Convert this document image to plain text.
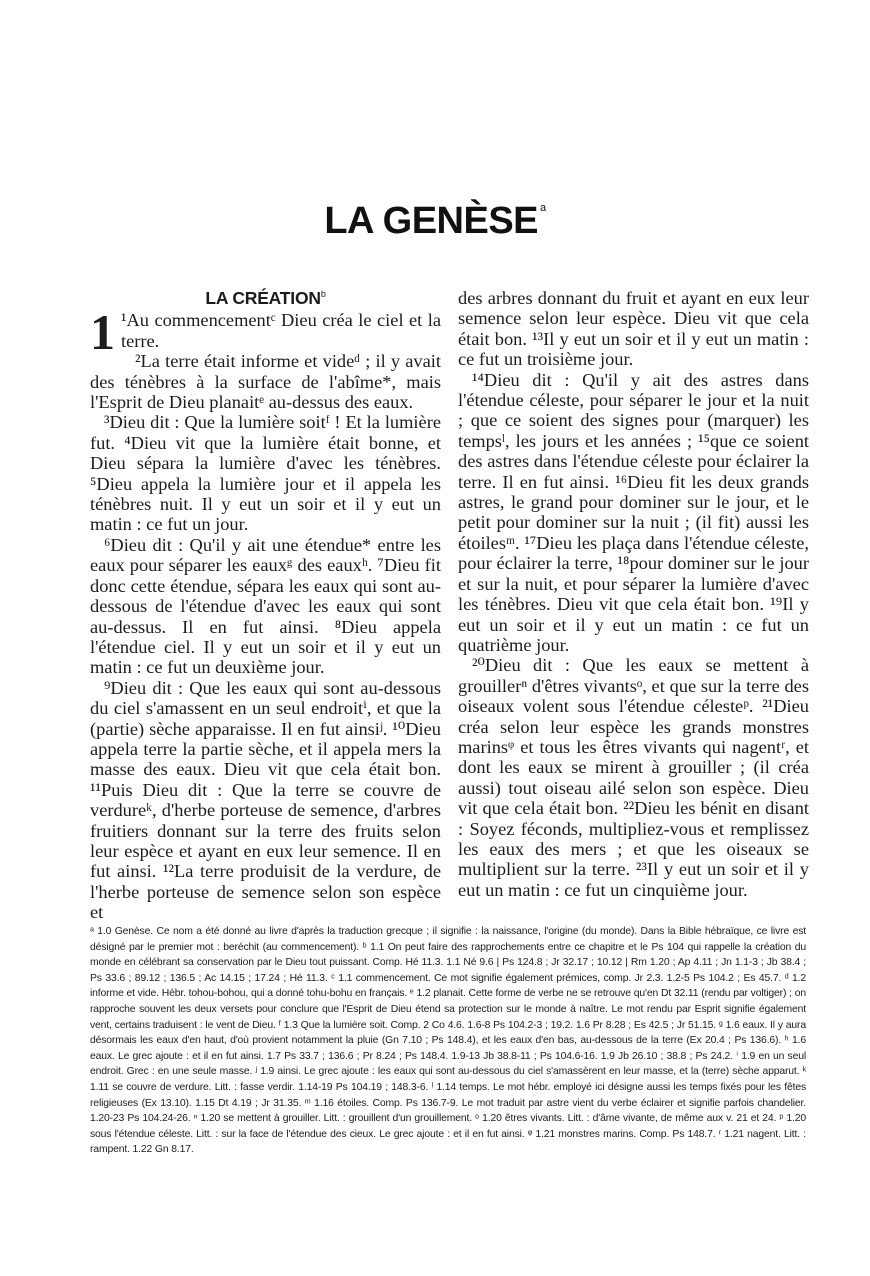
LA GENÈSE $^a$
LA CRÉATION$^b$

1 ¹Au commencementᶜ Dieu créa le ciel et la terre.

²La terre était informe et videᵈ ; il y avait des ténèbres à la surface de l'abîme*, mais l'Esprit de Dieu planaitᵉ au-dessus des eaux.

³Dieu dit : Que la lumière soitᶠ ! Et la lumière fut. ⁴Dieu vit que la lumière était bonne, et Dieu sépara la lumière d'avec les ténèbres. ⁵Dieu appela la lumière jour et il appela les ténèbres nuit. Il y eut un soir et il y eut un matin : ce fut un jour.

⁶Dieu dit : Qu'il y ait une étendue* entre les eaux pour séparer les eauxᵍ des eauxʰ. ⁷Dieu fit donc cette étendue, sépara les eaux qui sont au-dessous de l'étendue d'avec les eaux qui sont au-dessus. Il en fut ainsi. ⁸Dieu appela l'étendue ciel. Il y eut un soir et il y eut un matin : ce fut un deuxième jour.

⁹Dieu dit : Que les eaux qui sont au-dessous du ciel s'amassent en un seul endroitⁱ, et que la (partie) sèche apparaisse. Il en fut ainsiʲ. ¹⁰Dieu appela terre la partie sèche, et il appela mers la masse des eaux. Dieu vit que cela était bon. ¹¹Puis Dieu dit : Que la terre se couvre de verdureᵏ, d'herbe porteuse de semence, d'arbres fruitiers donnant sur la terre des fruits selon leur espèce et ayant en eux leur semence. Il en fut ainsi. ¹²La terre produisit de la verdure, de l'herbe porteuse de semence selon son espèce et

des arbres donnant du fruit et ayant en eux leur semence selon leur espèce. Dieu vit que cela était bon. ¹³Il y eut un soir et il y eut un matin : ce fut un troisième jour.

¹⁴Dieu dit : Qu'il y ait des astres dans l'étendue céleste, pour séparer le jour et la nuit ; que ce soient des signes pour (marquer) les tempsˡ, les jours et les années ; ¹⁵que ce soient des astres dans l'étendue céleste pour éclairer la terre. Il en fut ainsi. ¹⁶Dieu fit les deux grands astres, le grand pour dominer sur le jour, et le petit pour dominer sur la nuit ; (il fit) aussi les étoilesᵐ. ¹⁷Dieu les plaça dans l'étendue céleste, pour éclairer la terre, ¹⁸pour dominer sur le jour et sur la nuit, et pour séparer la lumière d'avec les ténèbres. Dieu vit que cela était bon. ¹⁹Il y eut un soir et il y eut un matin : ce fut un quatrième jour.

²⁰Dieu dit : Que les eaux se mettent à grouillerⁿ d'êtres vivantsᵒ, et que sur la terre des oiseaux volent sous l'étendue célesteᵖ. ²¹Dieu créa selon leur espèce les grands monstres marinsᵠ et tous les êtres vivants qui nagentʳ, et dont les eaux se mirent à grouiller ; (il créa aussi) tout oiseau ailé selon son espèce. Dieu vit que cela était bon. ²²Dieu les bénit en disant : Soyez féconds, multipliez-vous et remplissez les eaux des mers ; et que les oiseaux se multiplient sur la terre. ²³Il y eut un soir et il y eut un matin : ce fut un cinquième jour.

ᵃ 1.0 Genèse. Ce nom a été donné au livre d'après la traduction grecque ; il signifie : la naissance, l'origine (du monde). Dans la Bible hébraïque, ce livre est désigné par le premier mot : beréchit (au commencement). ᵇ 1.1 On peut faire des rapprochements entre ce chapitre et le Ps 104 qui rappelle la création du monde en célébrant sa conservation par le Dieu tout puissant. Comp. Hé 11.3. 1.1 Né 9.6 | Ps 124.8 ; Jr 32.17 ; 10.12 | Rm 1.20 ; Ap 4.11 ; Jn 1.1-3 ; Jb 38.4 ; Ps 33.6 ; 89.12 ; 136.5 ; Ac 14.15 ; 17.24 ; Hé 11.3. ᶜ 1.1 commencement. Ce mot signifie également prémices, comp. Jr 2.3. 1.2-5 Ps 104.2 ; Es 45.7. ᵈ 1.2 informe et vide. Hébr. tohou-bohou, qui a donné tohu-bohu en français. ᵉ 1.2 planait. Cette forme de verbe ne se retrouve qu'en Dt 32.11 (rendu par voltiger) ; on rapproche souvent les deux versets pour conclure que l'Esprit de Dieu étend sa protection sur le monde à naître. Le mot rendu par Esprit signifie également vent, certains traduisent : le vent de Dieu. ᶠ 1.3 Que la lumière soit. Comp. 2 Co 4.6. 1.6-8 Ps 104.2-3 ; 19.2. 1.6 Pr 8.28 ; Es 42.5 ; Jr 51.15. ᵍ 1.6 eaux. Il y aura désormais les eaux d'en haut, d'où provient notamment la pluie (Gn 7.10 ; Ps 148.4), et les eaux d'en bas, au-dessous de la terre (Ex 20.4 ; Ps 136.6). ʰ 1.6 eaux. Le grec ajoute : et il en fut ainsi. 1.7 Ps 33.7 ; 136.6 ; Pr 8.24 ; Ps 148.4. 1.9-13 Jb 38.8-11 ; Ps 104.6-16. 1.9 Jb 26.10 ; 38.8 ; Ps 24.2. ⁱ 1.9 en un seul endroit. Grec : en une seule masse. ʲ 1.9 ainsi. Le grec ajoute : les eaux qui sont au-dessous du ciel s'amassèrent en leur masse, et la (terre) sèche apparut. ᵏ 1.11 se couvre de verdure. Litt. : fasse verdir. 1.14-19 Ps 104.19 ; 148.3-6. ˡ 1.14 temps. Le mot hébr. employé ici désigne aussi les temps fixés pour les fêtes religieuses (Ex 13.10). 1.15 Dt 4.19 ; Jr 31.35. ᵐ 1.16 étoiles. Comp. Ps 136.7-9. Le mot traduit par astre vient du verbe éclairer et signifie parfois chandelier. 1.20-23 Ps 104.24-26. ⁿ 1.20 se mettent à grouiller. Litt. : grouillent d'un grouillement. ᵒ 1.20 êtres vivants. Litt. : d'âme vivante, de même aux v. 21 et 24. ᵖ 1.20 sous l'étendue céleste. Litt. : sur la face de l'étendue des cieux. Le grec ajoute : et il en fut ainsi. ᵠ 1.21 monstres marins. Comp. Ps 148.7. ʳ 1.21 nagent. Litt. : rampent. 1.22 Gn 8.17.
